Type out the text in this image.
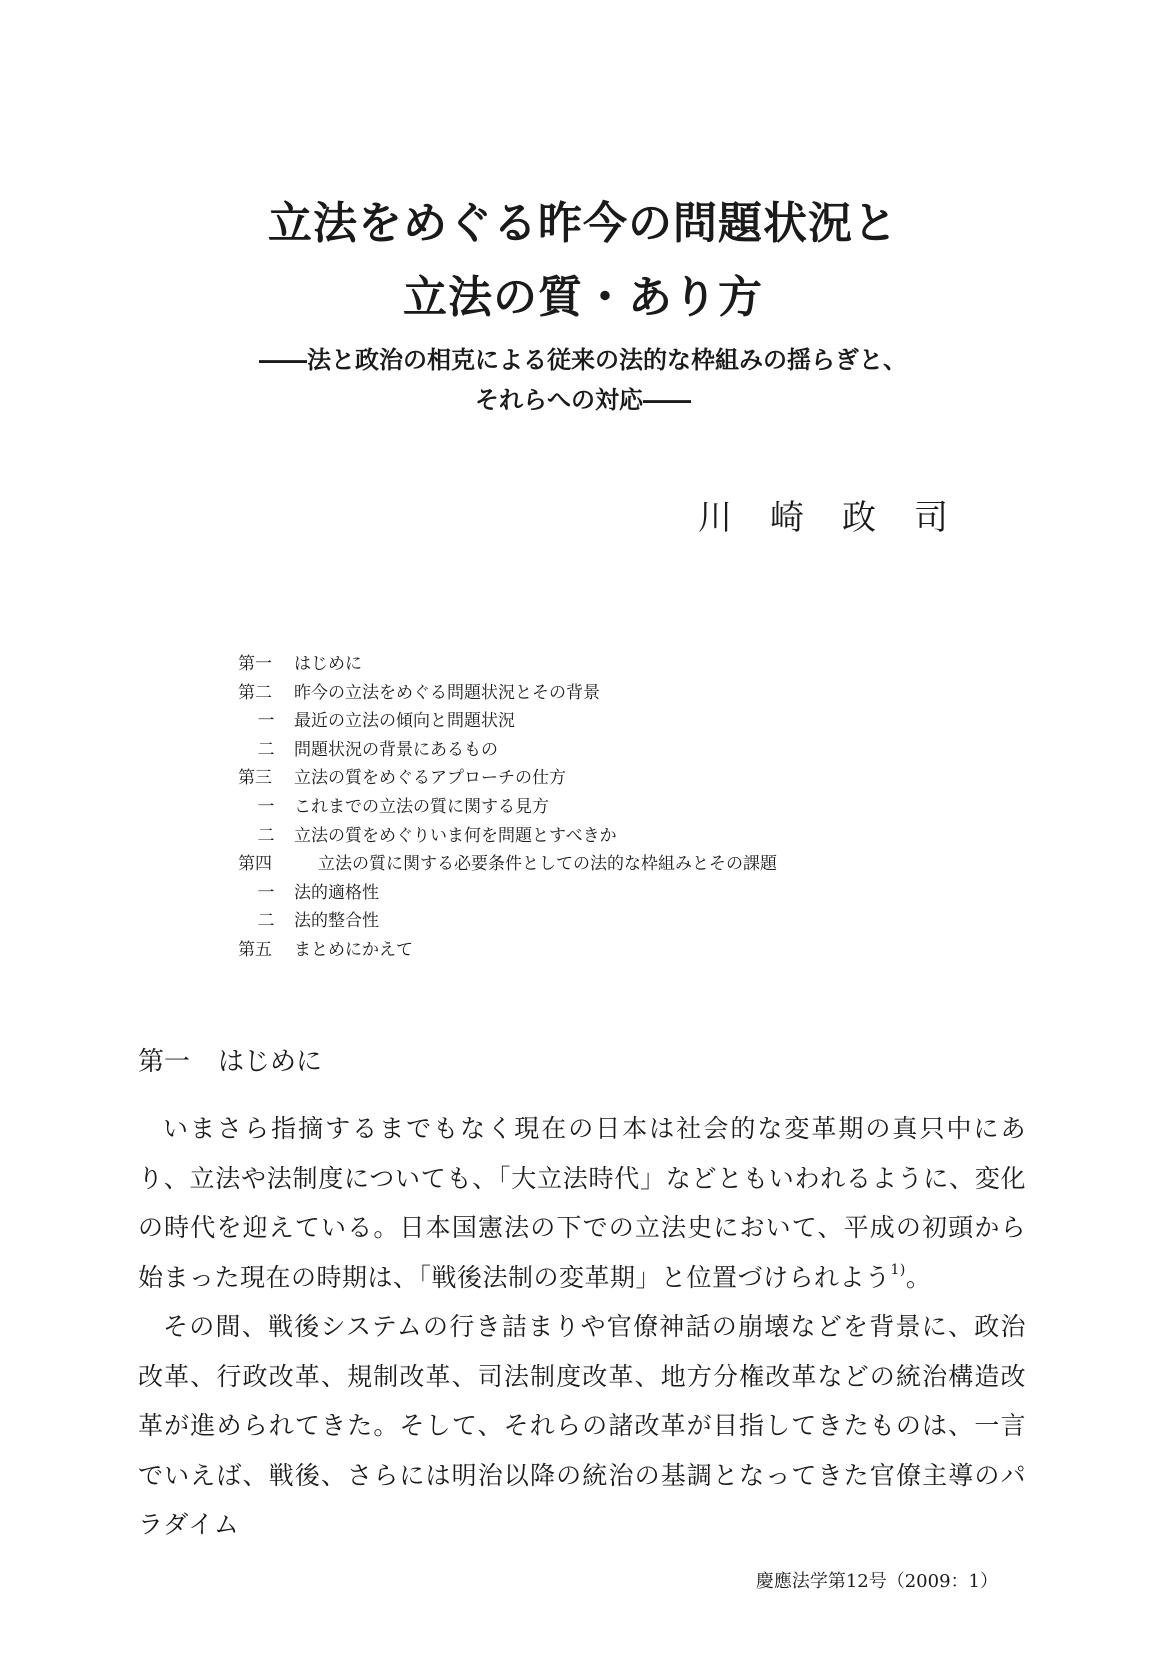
立法をめぐる昨今の問題状況と
立法の質・あり方
――法と政治の相克による従来の法的な枠組みの揺らぎと、
それらへの対応――
川崎政司
第一 はじめに
第二 昨今の立法をめぐる問題状況とその背景
一 最近の立法の傾向と問題状況
二 問題状況の背景にあるもの
第三 立法の質をめぐるアプローチの仕方
一 これまでの立法の質に関する見方
二 立法の質をめぐりいま何を問題とすべきか
第四	立法の質に関する必要条件としての法的な枠組みとその課題
一 法的適格性
二 法的整合性
第五 まとめにかえて
第一 はじめに

いまさら指摘するまでもなく現在の日本は社会的な変革期の真只中にあり、立法や法制度についても、「大立法時代」などともいわれるように、変化の時代を迎えている。日本国憲法の下での立法史において、平成の初頭から始まった現在の時期は、「戦後法制の変革期」と位置づけられよう$^{1)}$。

その間、戦後システムの行き詰まりや官僚神話の崩壊などを背景に、政治改革、行政改革、規制改革、司法制度改革、地方分権改革などの統治構造改革が進められてきた。そして、それらの諸改革が目指してきたものは、一言でいえば、戦後、さらには明治以降の統治の基調となってきた官僚主導のパラダイム

慶應法学第12号（2009：1）
